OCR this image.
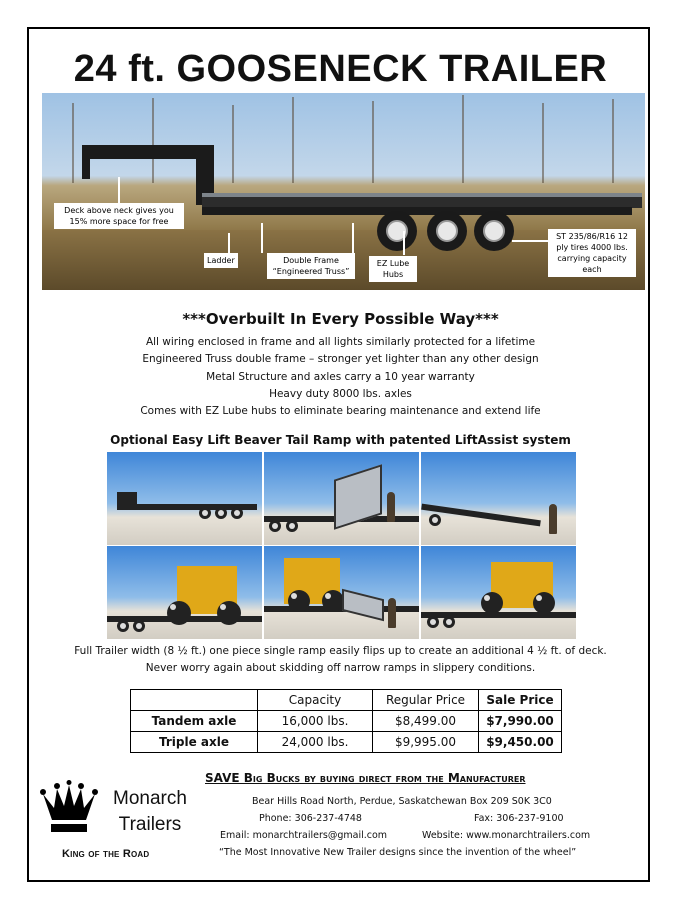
24 ft. GOOSENECK TRAILER
Deck above neck gives you 15% more space for free
Ladder	Double Frame “Engineered Truss”
EZ Lube Hubs
ST 235/86/R16 12 ply tires 4000 lbs. carrying capacity each
***Overbuilt In Every Possible Way***
All wiring enclosed in frame and all lights similarly protected for a lifetime
Engineered Truss double frame – stronger yet lighter than any other design
Metal Structure and axles carry a 10 year warranty
Heavy duty 8000 lbs. axles
Comes with EZ Lube hubs to eliminate bearing maintenance and extend life
Optional Easy Lift Beaver Tail Ramp with patented LiftAssist system
Full Trailer width (8 ½ ft.) one piece single ramp easily flips up to create an additional 4 ½ ft. of deck.
Never worry again about skidding off narrow ramps in slippery conditions.
	Capacity	Regular Price	Sale Price
Tandem axle	16,000 lbs.	$8,499.00	$7,990.00
Triple axle	24,000 lbs.	$9,995.00	$9,450.00
Monarch
Trailers
King of the Road
SAVE Big Bucks by buying direct from the Manufacturer
Bear Hills Road North, Perdue, Saskatchewan Box 209 S0K 3C0
Phone: 306-237-4748	Fax: 306-237-9100
Email: monarchtrailers@gmail.com	Website: www.monarchtrailers.com
“The Most Innovative New Trailer designs since the invention of the wheel”
